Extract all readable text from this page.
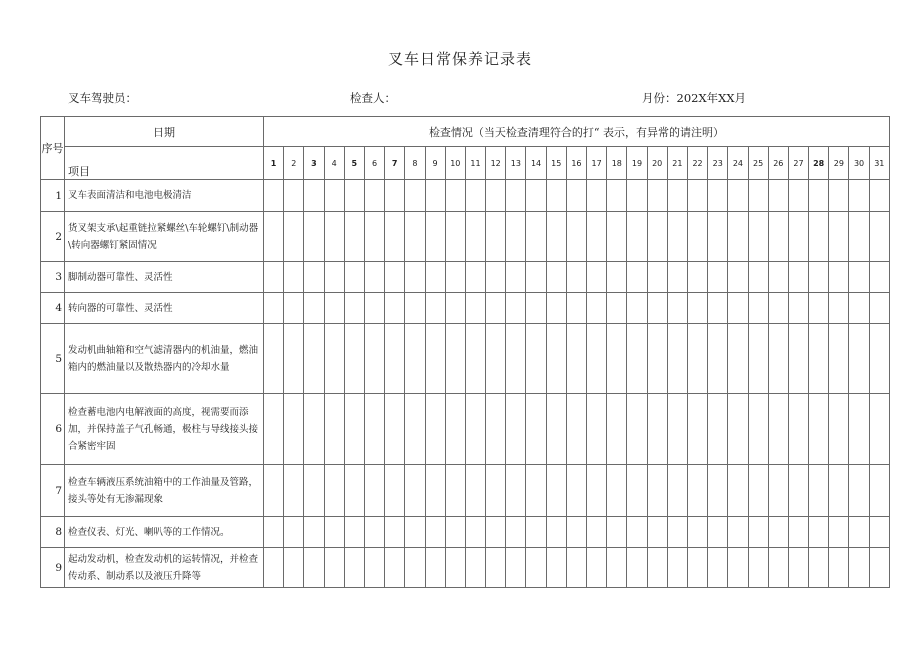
叉车日常保养记录表
叉车驾驶员：	检查人：	月份：202X年XX月
序号	日期	检查情况（当天检查清理符合的打“ 表示，有异常的请注明）																														
	项目	1	2	3	4	5	6	7	8	9	10	11	12	13	14	15	16	17	18	19	20	21	22	23	24	25	26	27	28	29	30	31
1	叉车表面清洁和电池电极清洁																															
2	货叉架支承\起重链拉紧螺丝\车轮螺钉\制动器\转向器螺钉紧固情况																															
3	脚制动器可靠性、灵活性																															
4	转向器的可靠性、灵活性																															
5	发动机曲轴箱和空气滤清器内的机油量，燃油箱内的燃油量以及散热器内的冷却水量																															
6	检查蓄电池内电解液面的高度，视需要而添加，并保持盖子气孔畅通，极柱与导线接头接合紧密牢固																															
7	检查车辆液压系统油箱中的工作油量及管路，接头等处有无渗漏现象																															
8	检查仪表、灯光、喇叭等的工作情况。																															
9	起动发动机，检查发动机的运转情况，并检查传动系、制动系以及液压升降等																															
